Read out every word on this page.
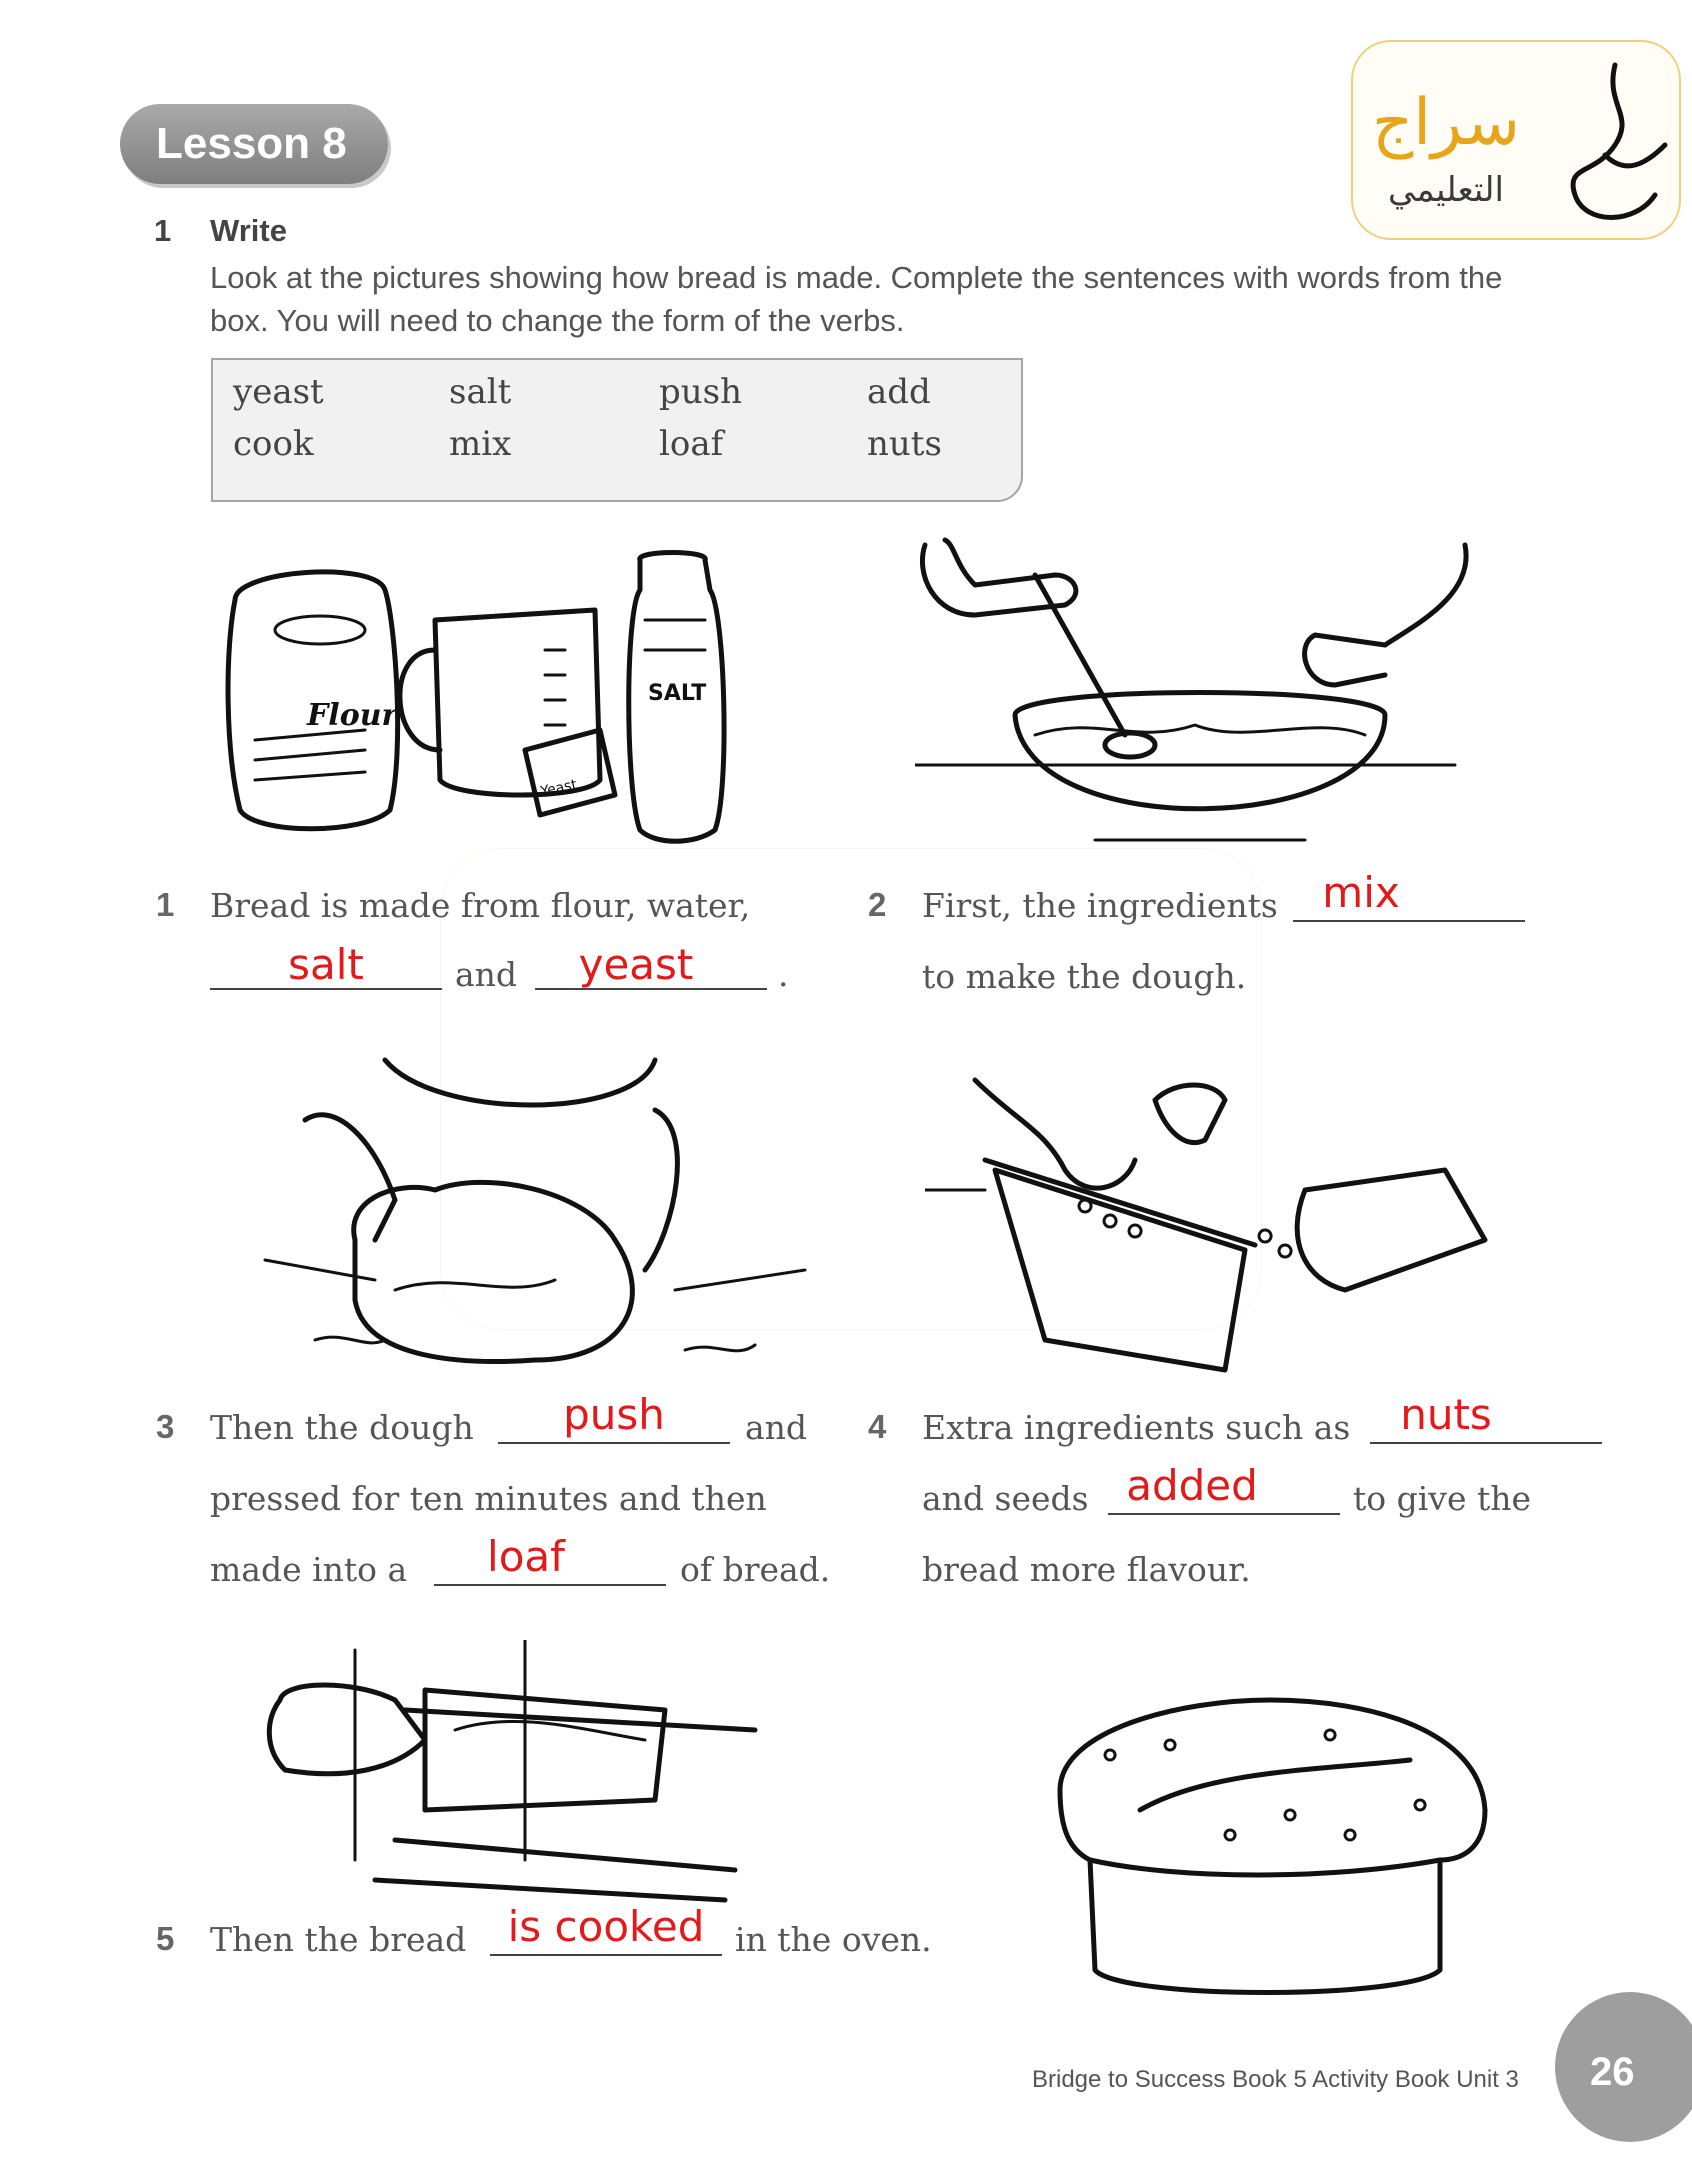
سراج
التعليمي
Lesson 8
1 Write
Look at the pictures showing how bread is made. Complete the sentences with words from the box. You will need to change the form of the verbs.
yeast	salt	push	add
cook	mix	loaf	nuts
Flour
Yeast
SALT
1 Bread is made from flour, water,
salt	and	yeast	.
2 First, the ingredients	mix
to make the dough.
3 Then the dough	push	and
pressed for ten minutes and then
made into a	loaf	of bread.
4 Extra ingredients such as	nuts
and seeds added	to give the
bread more flavour.
5 Then the bread is cooked in the oven.
Bridge to Success Book 5 Activity Book Unit 3 26
